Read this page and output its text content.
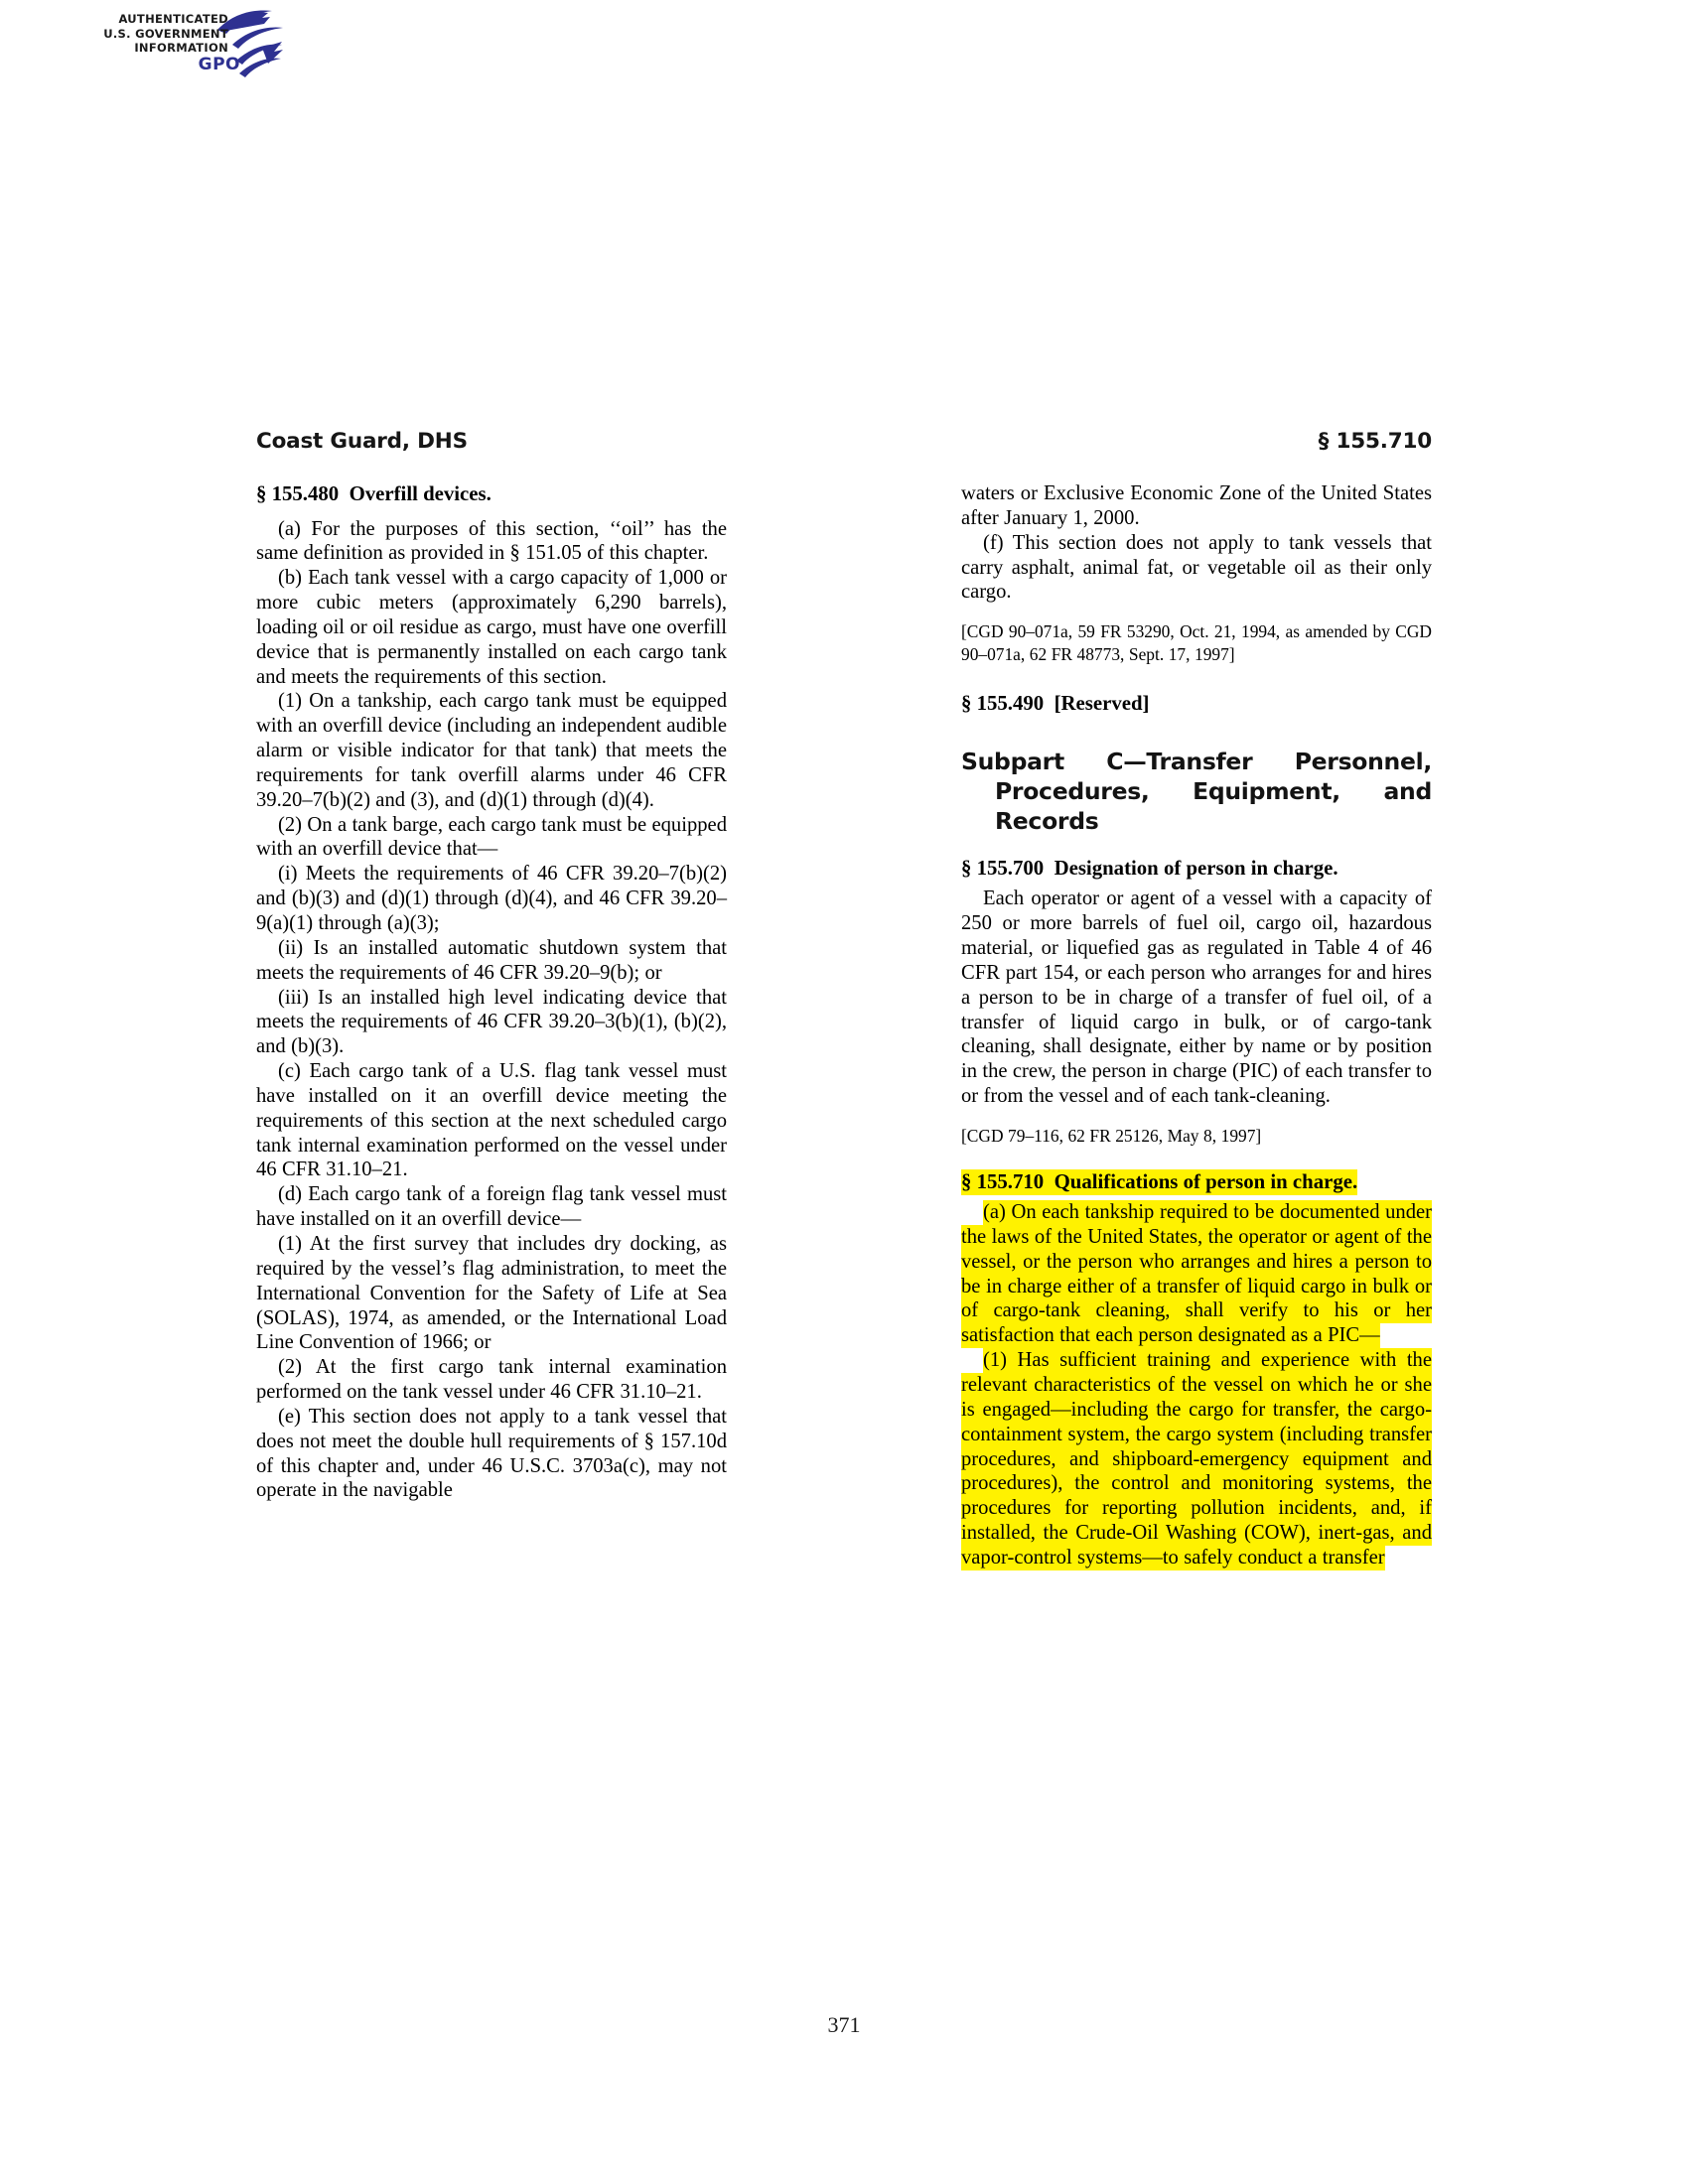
AUTHENTICATED
U.S. GOVERNMENT
INFORMATION
GPO
Coast Guard, DHS	§ 155.710
§ 155.480 Overfill devices.

(a) For the purposes of this section, ‘‘oil’’ has the same definition as provided in § 151.05 of this chapter.

(b) Each tank vessel with a cargo capacity of 1,000 or more cubic meters (approximately 6,290 barrels), loading oil or oil residue as cargo, must have one overfill device that is permanently installed on each cargo tank and meets the requirements of this section.

(1) On a tankship, each cargo tank must be equipped with an overfill device (including an independent audible alarm or visible indicator for that tank) that meets the requirements for tank overfill alarms under 46 CFR 39.20–7(b)(2) and (3), and (d)(1) through (d)(4).

(2) On a tank barge, each cargo tank must be equipped with an overfill device that—

(i) Meets the requirements of 46 CFR 39.20–7(b)(2) and (b)(3) and (d)(1) through (d)(4), and 46 CFR 39.20–9(a)(1) through (a)(3);

(ii) Is an installed automatic shutdown system that meets the requirements of 46 CFR 39.20–9(b); or

(iii) Is an installed high level indicating device that meets the requirements of 46 CFR 39.20–3(b)(1), (b)(2), and (b)(3).

(c) Each cargo tank of a U.S. flag tank vessel must have installed on it an overfill device meeting the requirements of this section at the next scheduled cargo tank internal examination performed on the vessel under 46 CFR 31.10–21.

(d) Each cargo tank of a foreign flag tank vessel must have installed on it an overfill device—

(1) At the first survey that includes dry docking, as required by the vessel’s flag administration, to meet the International Convention for the Safety of Life at Sea (SOLAS), 1974, as amended, or the International Load Line Convention of 1966; or

(2) At the first cargo tank internal examination performed on the tank vessel under 46 CFR 31.10–21.

(e) This section does not apply to a tank vessel that does not meet the double hull requirements of § 157.10d of this chapter and, under 46 U.S.C. 3703a(c), may not operate in the navigable

waters or Exclusive Economic Zone of the United States after January 1, 2000.

(f) This section does not apply to tank vessels that carry asphalt, animal fat, or vegetable oil as their only cargo.

[CGD 90–071a, 59 FR 53290, Oct. 21, 1994, as amended by CGD 90–071a, 62 FR 48773, Sept. 17, 1997]

§ 155.490 [Reserved]
Subpart C—Transfer Personnel, Procedures, Equipment, and Records
§ 155.700 Designation of person in charge.

Each operator or agent of a vessel with a capacity of 250 or more barrels of fuel oil, cargo oil, hazardous material, or liquefied gas as regulated in Table 4 of 46 CFR part 154, or each person who arranges for and hires a person to be in charge of a transfer of fuel oil, of a transfer of liquid cargo in bulk, or of cargo-tank cleaning, shall designate, either by name or by position in the crew, the person in charge (PIC) of each transfer to or from the vessel and of each tank-cleaning.

[CGD 79–116, 62 FR 25126, May 8, 1997]

§ 155.710 Qualifications of person in charge.

(a) On each tankship required to be documented under the laws of the United States, the operator or agent of the vessel, or the person who arranges and hires a person to be in charge either of a transfer of liquid cargo in bulk or of cargo-tank cleaning, shall verify to his or her satisfaction that each person designated as a PIC—

(1) Has sufficient training and experience with the relevant characteristics of the vessel on which he or she is engaged—including the cargo for transfer, the cargo-containment system, the cargo system (including transfer procedures, and shipboard-emergency equipment and procedures), the control and monitoring systems, the procedures for reporting pollution incidents, and, if installed, the Crude-Oil Washing (COW), inert-gas, and vapor-control systems—to safely conduct a transfer

371
